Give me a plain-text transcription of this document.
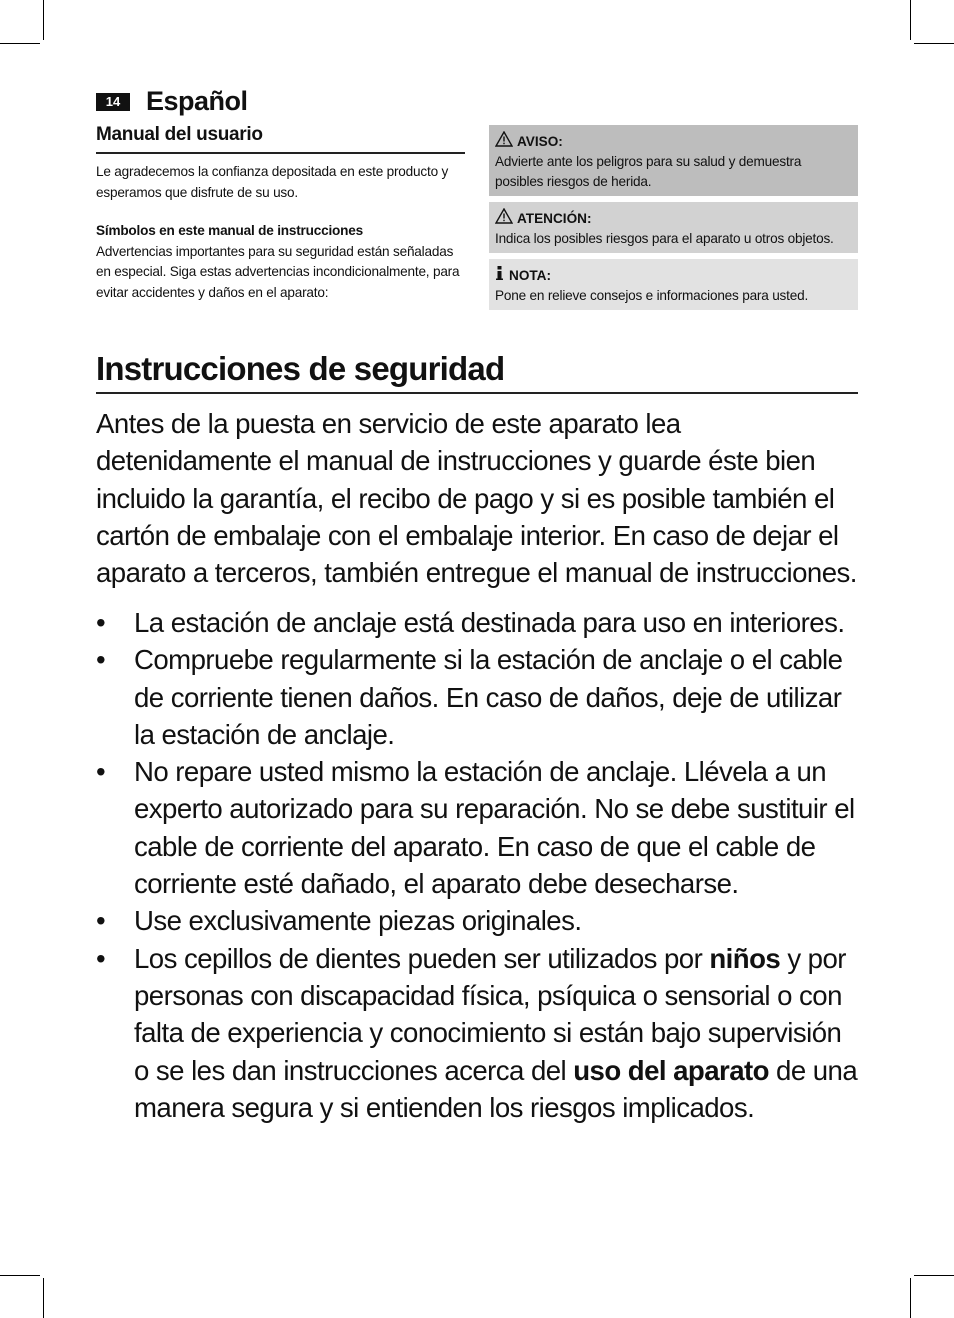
14 Español
Manual del usuario
Le agradecemos la confianza depositada en este producto y esperamos que disfrute de su uso.
Símbolos en este manual de instrucciones
Advertencias importantes para su seguridad están señaladas en especial. Siga estas advertencias incondicionalmente, para evitar accidentes y daños en el aparato:
AVISO:
Advierte ante los peligros para su salud y demuestra posibles riesgos de herida.
ATENCIÓN:
Indica los posibles riesgos para el aparato u otros objetos.
NOTA:
Pone en relieve consejos e informaciones para usted.
Instrucciones de seguridad
Antes de la puesta en servicio de este aparato lea detenidamente el manual de instrucciones y guarde éste bien incluido la garantía, el recibo de pago y si es posible también el cartón de embalaje con el embalaje interior. En caso de dejar el aparato a terceros, también entregue el manual de instrucciones.
• La estación de anclaje está destinada para uso en interiores.
• Compruebe regularmente si la estación de anclaje o el cable de corriente tienen daños. En caso de daños, deje de utilizar la estación de anclaje.
• No repare usted mismo la estación de anclaje. Llévela a un experto autorizado para su reparación. No se debe sustituir el cable de corriente del aparato. En caso de que el cable de corriente esté dañado, el aparato debe desecharse.
• Use exclusivamente piezas originales.
• Los cepillos de dientes pueden ser utilizados por niños y por personas con discapacidad física, psíquica o sensorial o con falta de experiencia y conocimiento si están bajo supervisión o se les dan instrucciones acerca del uso del aparato de una manera segura y si entienden los riesgos implicados.
